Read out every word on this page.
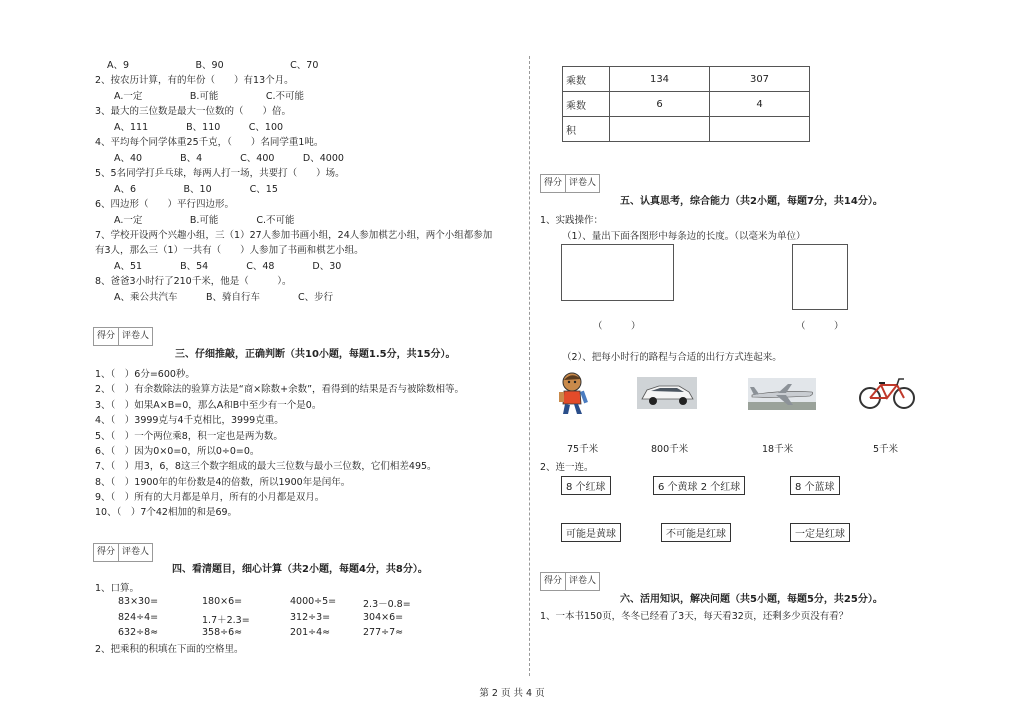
A、9　　　　　　　B、90　　　　　　　C、70
2、按农历计算，有的年份（　　）有13个月。
　　A.一定　　　　　B.可能　　　　　C.不可能
3、最大的三位数是最大一位数的（　　）倍。
　　A、111　　　　B、110　　　C、100
4、平均每个同学体重25千克，（　　）名同学重1吨。
　　A、40　　　　B、4　　　　C、400　　　D、4000
5、5名同学打乒乓球，每两人打一场，共要打（　　）场。
　　A、6　　　　　B、10　　　　C、15
6、四边形（　　）平行四边形。
　　A.一定　　　　　B.可能　　　　C.不可能
7、学校开设两个兴趣小组，三（1）27人参加书画小组，24人参加棋艺小组，两个小组都参加
有3人，那么三（1）一共有（　　）人参加了书画和棋艺小组。
　　A、51　　　　B、54　　　　C、48　　　　D、30
8、爸爸3小时行了210千米，他是（　　　）。
　　A、乘公共汽车　　　B、骑自行车　　　　C、步行
得分 评卷人
三、仔细推敲，正确判断（共10小题，每题1.5分，共15分）。
1、（　）6分=600秒。
2、（　）有余数除法的验算方法是“商×除数+余数”，看得到的结果是否与被除数相等。
3、（　）如果A×B=0，那么A和B中至少有一个是0。
4、（　）3999克与4千克相比，3999克重。
5、（　）一个两位乘8，积一定也是两为数。
6、（　）因为0×0=0，所以0÷0=0。
7、（　）用3，6，8这三个数字组成的最大三位数与最小三位数，它们相差495。
8、（　）1900年的年份数是4的倍数，所以1900年是闰年。
9、（　）所有的大月都是单月，所有的小月都是双月。
10、（　）7个42相加的和是69。
得分 评卷人
四、看清题目，细心计算（共2小题，每题4分，共8分）。
1、口算。
83×30=	180×6=	4000÷5=	2.3－0.8=
824÷4=	1.7＋2.3=	312÷3=	304×6=
632÷8≈	358÷6≈	201÷4≈	277÷7≈
2、把乘积的积填在下面的空格里。
乘数	134	307
乘数	6	4
积		
得分 评卷人
五、认真思考，综合能力（共2小题，每题7分，共14分）。
1、实践操作：
（1）、量出下面各图形中每条边的长度。（以毫米为单位）
（　　　）	（　　　）
（2）、把每小时行的路程与合适的出行方式连起来。
75千米	800千米	18千米	5千米
2、连一连。
8 个红球	6 个黄球 2 个红球	8 个蓝球
可能是黄球	不可能是红球	一定是红球
得分 评卷人
六、活用知识，解决问题（共5小题，每题5分，共25分）。
1、一本书150页，冬冬已经看了3天，每天看32页，还剩多少页没有看？
第 2 页 共 4 页
